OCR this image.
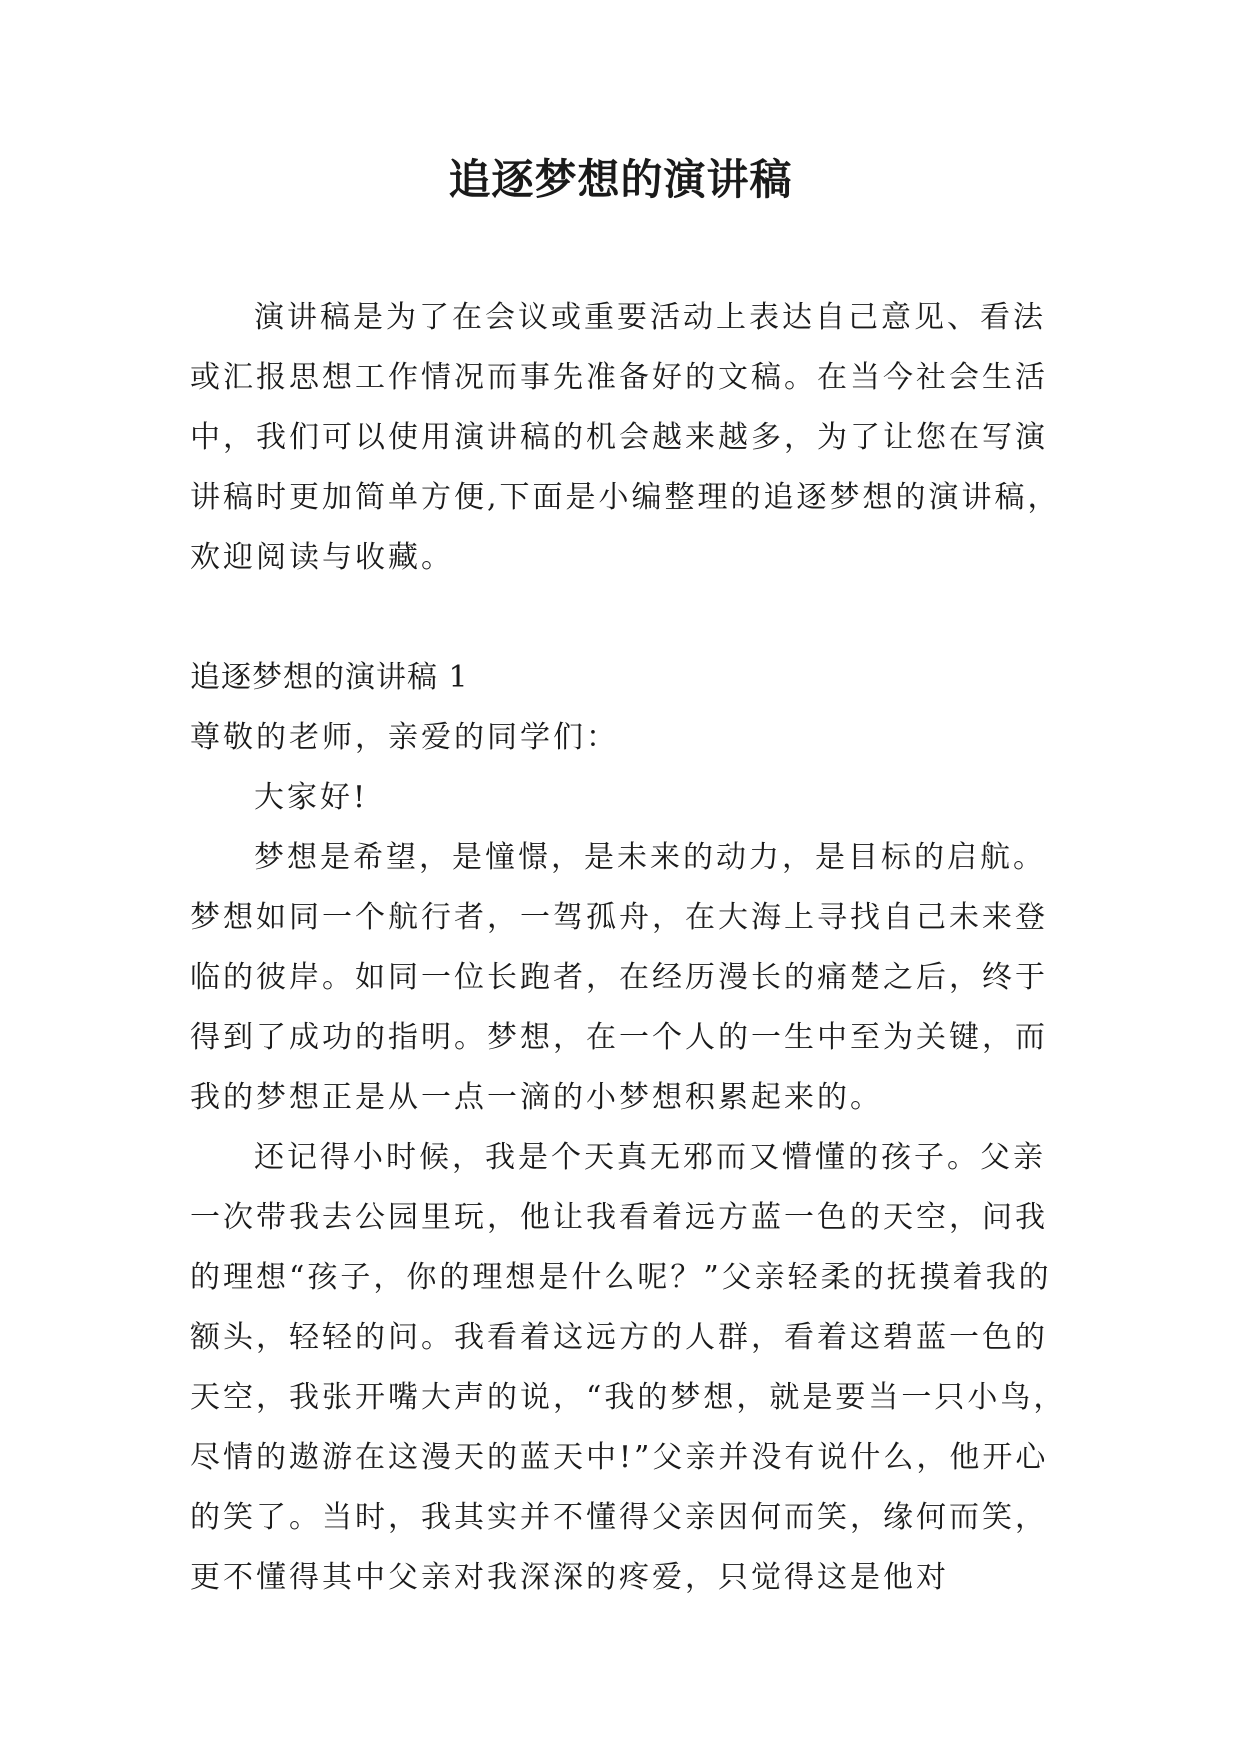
追逐梦想的演讲稿

演讲稿是为了在会议或重要活动上表达自己意见、看法或汇报思想工作情况而事先准备好的文稿。在当今社会生活中，我们可以使用演讲稿的机会越来越多，为了让您在写演讲稿时更加简单方便,下面是小编整理的追逐梦想的演讲稿，欢迎阅读与收藏。

追逐梦想的演讲稿 1

尊敬的老师，亲爱的同学们：

大家好!

梦想是希望，是憧憬，是未来的动力，是目标的启航。梦想如同一个航行者，一驾孤舟，在大海上寻找自己未来登临的彼岸。如同一位长跑者，在经历漫长的痛楚之后，终于得到了成功的指明。梦想，在一个人的一生中至为关键，而我的梦想正是从一点一滴的小梦想积累起来的。

还记得小时候，我是个天真无邪而又懵懂的孩子。父亲一次带我去公园里玩，他让我看着远方蓝一色的天空，问我的理想“孩子，你的理想是什么呢？”父亲轻柔的抚摸着我的额头，轻轻的问。我看着这远方的人群，看着这碧蓝一色的天空，我张开嘴大声的说，“我的梦想，就是要当一只小鸟，尽情的遨游在这漫天的蓝天中!”父亲并没有说什么，他开心的笑了。当时，我其实并不懂得父亲因何而笑，缘何而笑，更不懂得其中父亲对我深深的疼爱，只觉得这是他对
